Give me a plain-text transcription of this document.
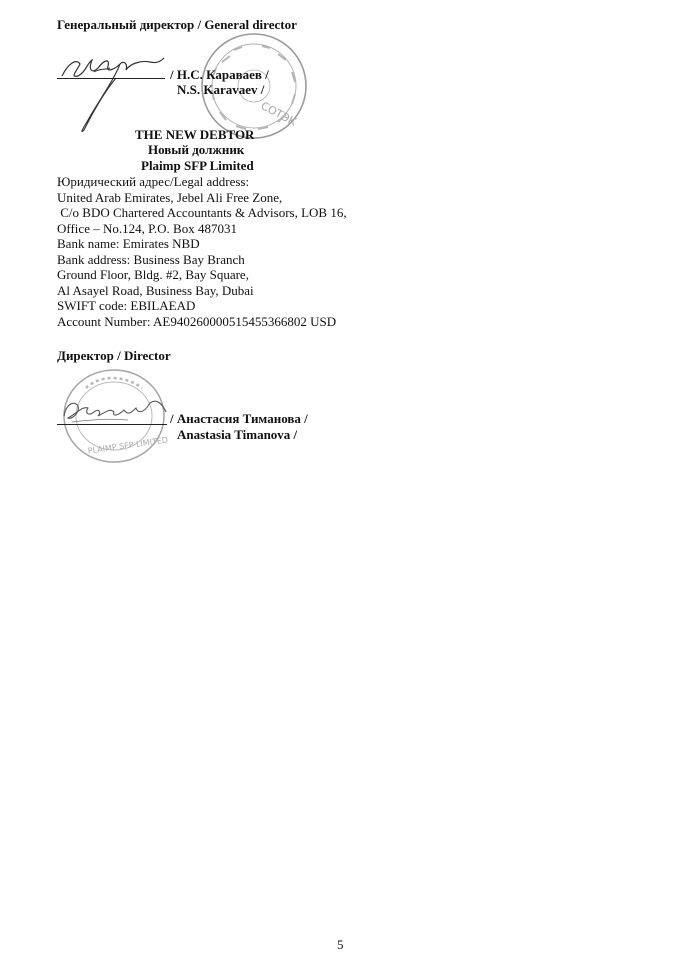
Генеральный директор / General director
СОТЭК
/ Н.С. Караваев /
N.S. Karavaev /
THE NEW DEBTOR
Новый должник
Plaimp SFP Limited
Юридический адрес/Legal address:
United Arab Emirates, Jebel Ali Free Zone,
C/o BDO Chartered Accountants & Advisors, LOB 16,
Office – No.124, P.O. Box 487031
Bank name: Emirates NBD
Bank address: Business Bay Branch
Ground Floor, Bldg. #2, Bay Square,
Al Asayel Road, Business Bay, Dubai
SWIFT code: EBILAEAD
Account Number: AE940260000515455366802 USD
Директор / Director
PLAIMP SFP LIMITED
/ Анастасия Тиманова /
Anastasia Timanova /
5
